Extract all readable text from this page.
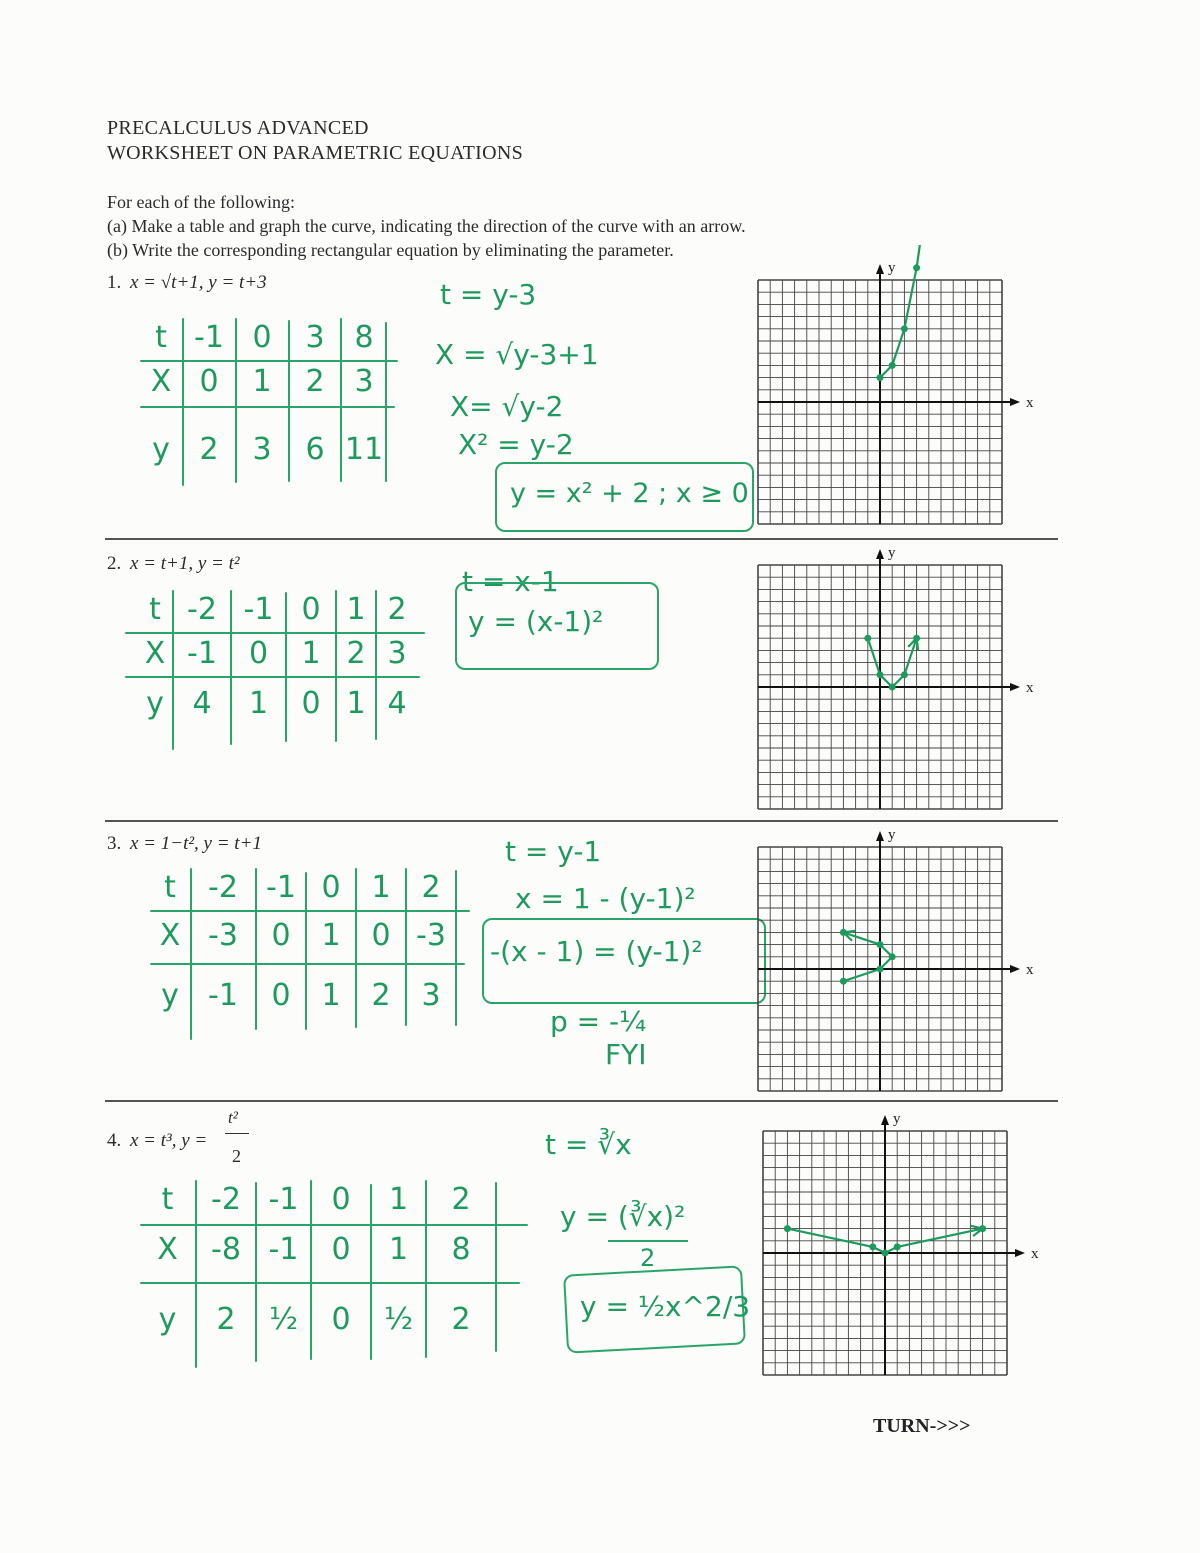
PRECALCULUS ADVANCED
WORKSHEET ON PARAMETRIC EQUATIONS
For each of the following:
(a) Make a table and graph the curve, indicating the direction of the curve with an arrow.
(b) Write the corresponding rectangular equation by eliminating the parameter.
1. x = √t+1, y = t+3
t -1 0	3 8
X 0	1	2 3
y 2	3	6 11
t = y-3
X = √y-3+1
X= √y-2
X² = y-2
y = x² + 2 ; x ≥ 0
y
x
2. x = t+1, y = t²
t -2 -1 0 1 2
X -1	0	1 2 3
y 4	1	0 1 4
t = x-1
y = (x-1)²
y
x
3. x = 1−t², y = t+1
t	-2 -1 0	1	2
X -3	0	1	0 -3
y -1	0	1	2	3
t = y-1
x = 1 - (y-1)²
-(x - 1) = (y-1)²
p = -¼
FYI
y
x
4. x = t³, y =
t²
2
t	-2 -1	0	1	2
X	-8 -1	0	1	8
y	2	½	0	½	2
t = ∛x
y = (∛x)²
2
y = ½x^2/3
y
x
TURN->>>
